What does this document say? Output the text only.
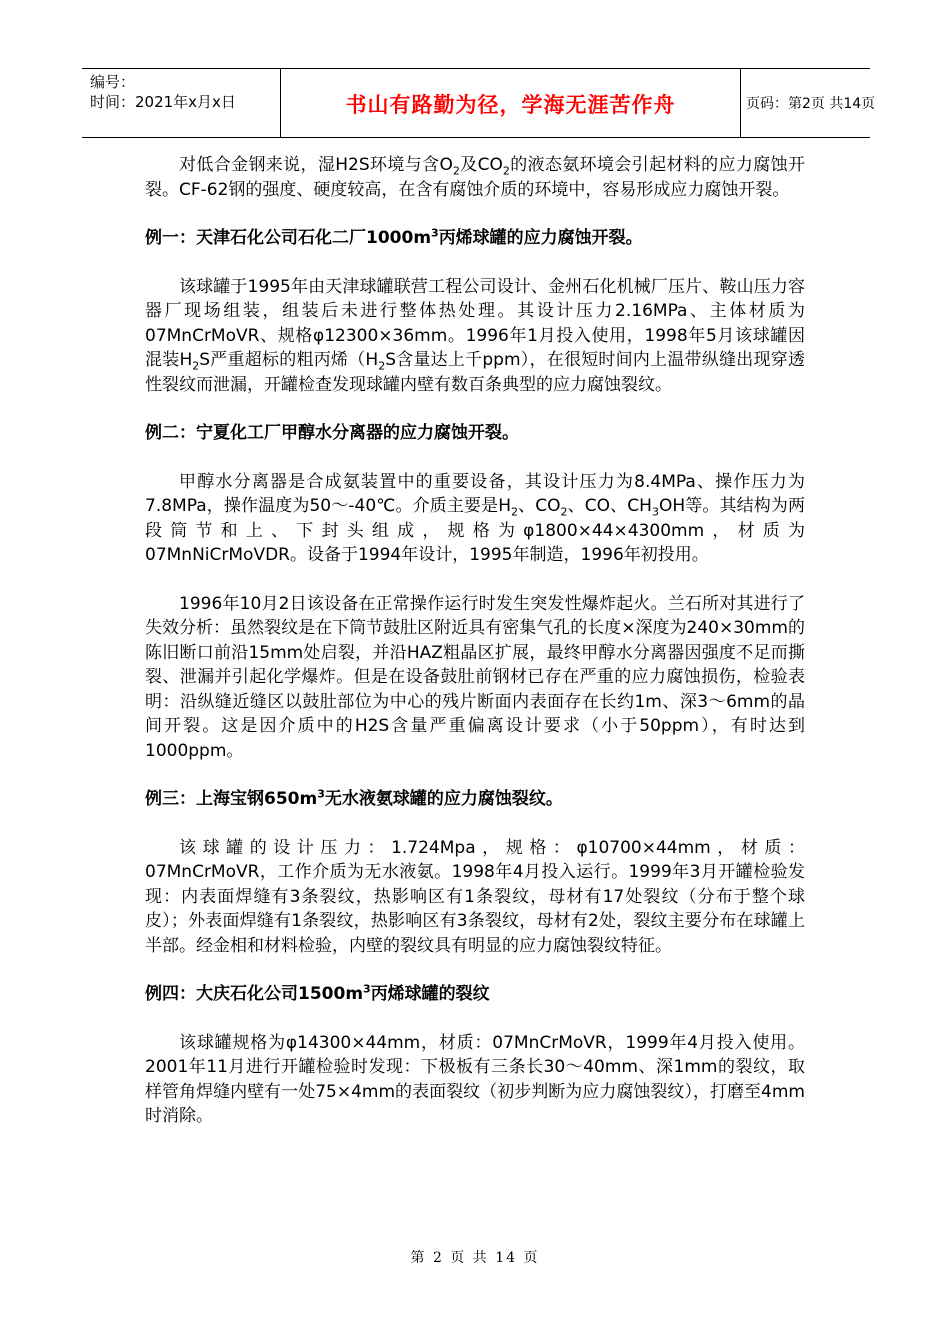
编号：
时间：2021年x月x日	书山有路勤为径，学海无涯苦作舟	页码：第2页 共14页

对低合金钢来说，湿H2S环境与含$O_2$及$CO_2$的液态氨环境会引起材料的应力腐蚀开裂。CF-62钢的强度、硬度较高，在含有腐蚀介质的环境中，容易形成应力腐蚀开裂。

例一：天津石化公司石化二厂$1000m^3$丙烯球罐的应力腐蚀开裂。

该球罐于1995年由天津球罐联营工程公司设计、金州石化机械厂压片、鞍山压力容器厂现场组装，组装后未进行整体热处理。其设计压力2.16MPa、主体材质为07MnCrMoVR、规格φ12300×36mm。1996年1月投入使用，1998年5月该球罐因混装$H_2S$严重超标的粗丙烯（$H_2S$含量达上千ppm），在很短时间内上温带纵缝出现穿透性裂纹而泄漏，开罐检查发现球罐内壁有数百条典型的应力腐蚀裂纹。

例二：宁夏化工厂甲醇水分离器的应力腐蚀开裂。

甲醇水分离器是合成氨装置中的重要设备，其设计压力为8.4MPa、操作压力为7.8MPa，操作温度为50～-40℃。介质主要是$H_2$、$CO_2$、CO、$CH_3OH$等。其结构为两段筒节和上、下封头组成，规格为φ1800×44×4300mm，材质为07MnNiCrMoVDR。设备于1994年设计，1995年制造，1996年初投用。

1996年10月2日该设备在正常操作运行时发生突发性爆炸起火。兰石所对其进行了失效分析：虽然裂纹是在下筒节鼓肚区附近具有密集气孔的长度×深度为240×30mm的陈旧断口前沿15mm处启裂，并沿HAZ粗晶区扩展，最终甲醇水分离器因强度不足而撕裂、泄漏并引起化学爆炸。但是在设备鼓肚前钢材已存在严重的应力腐蚀损伤，检验表明：沿纵缝近缝区以鼓肚部位为中心的残片断面内表面存在长约1m、深3～6mm的晶间开裂。这是因介质中的H2S含量严重偏离设计要求（小于50ppm），有时达到1000ppm。

例三：上海宝钢$650m^3$无水液氨球罐的应力腐蚀裂纹。

该球罐的设计压力：1.724Mpa，规格：φ10700×44mm，材质：07MnCrMoVR，工作介质为无水液氨。1998年4月投入运行。1999年3月开罐检验发现：内表面焊缝有3条裂纹，热影响区有1条裂纹，母材有17处裂纹（分布于整个球皮）；外表面焊缝有1条裂纹，热影响区有3条裂纹，母材有2处，裂纹主要分布在球罐上半部。经金相和材料检验，内壁的裂纹具有明显的应力腐蚀裂纹特征。

例四：大庆石化公司$1500m^3$丙烯球罐的裂纹

该球罐规格为φ14300×44mm，材质：07MnCrMoVR，1999年4月投入使用。2001年11月进行开罐检验时发现：下极板有三条长30～40mm、深1mm的裂纹，取样管角焊缝内壁有一处75×4mm的表面裂纹（初步判断为应力腐蚀裂纹），打磨至4mm时消除。

第 2 页 共 14 页
